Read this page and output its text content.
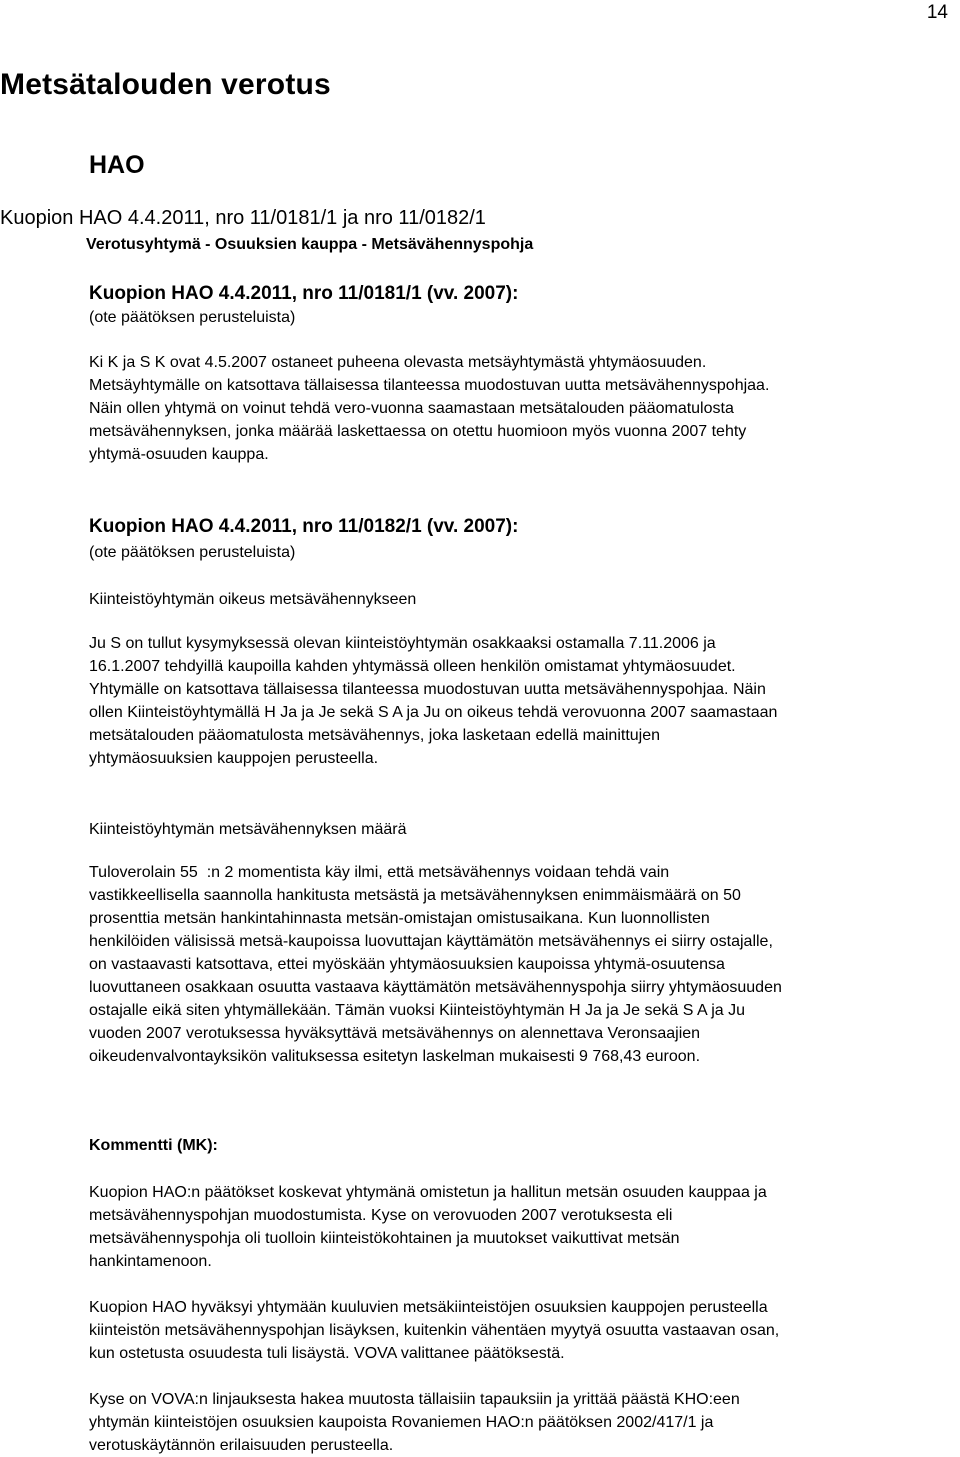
14
Metsätalouden verotus
HAO
Kuopion HAO 4.4.2011, nro 11/0181/1 ja nro 11/0182/1
Verotusyhtymä - Osuuksien kauppa - Metsävähennyspohja
Kuopion HAO 4.4.2011, nro 11/0181/1 (vv. 2007):
(ote päätöksen perusteluista)
Ki K ja S K ovat 4.5.2007 ostaneet puheena olevasta metsäyhtymästä yhtymäosuuden.
Metsäyhtymälle on katsottava tällaisessa tilanteessa muodostuvan uutta metsävähennyspohjaa.
Näin ollen yhtymä on voinut tehdä vero-vuonna saamastaan metsätalouden pääomatulosta
metsävähennyksen, jonka määrää laskettaessa on otettu huomioon myös vuonna 2007 tehty
yhtymä-osuuden kauppa.
Kuopion HAO 4.4.2011, nro 11/0182/1 (vv. 2007):
(ote päätöksen perusteluista)
Kiinteistöyhtymän oikeus metsävähennykseen
Ju S on tullut kysymyksessä olevan kiinteistöyhtymän osakkaaksi ostamalla 7.11.2006 ja
16.1.2007 tehdyillä kaupoilla kahden yhtymässä olleen henkilön omistamat yhtymäosuudet.
Yhtymälle on katsottava tällaisessa tilanteessa muodostuvan uutta metsävähennyspohjaa. Näin
ollen Kiinteistöyhtymällä H Ja ja Je sekä S A ja Ju on oikeus tehdä verovuonna 2007 saamastaan
metsätalouden pääomatulosta metsävähennys, joka lasketaan edellä mainittujen
yhtymäosuuksien kauppojen perusteella.
Kiinteistöyhtymän metsävähennyksen määrä
Tuloverolain 55  :n 2 momentista käy ilmi, että metsävähennys voidaan tehdä vain
vastikkeellisella saannolla hankitusta metsästä ja metsävähennyksen enimmäismäärä on 50
prosenttia metsän hankintahinnasta metsän-omistajan omistusaikana. Kun luonnollisten
henkilöiden välisissä metsä-kaupoissa luovuttajan käyttämätön metsävähennys ei siirry ostajalle,
on vastaavasti katsottava, ettei myöskään yhtymäosuuksien kaupoissa yhtymä-osuutensa
luovuttaneen osakkaan osuutta vastaava käyttämätön metsävähennyspohja siirry yhtymäosuuden
ostajalle eikä siten yhtymällekään. Tämän vuoksi Kiinteistöyhtymän H Ja ja Je sekä S A ja Ju
vuoden 2007 verotuksessa hyväksyttävä metsävähennys on alennettava Veronsaajien
oikeudenvalvontayksikön valituksessa esitetyn laskelman mukaisesti 9 768,43 euroon.
Kommentti (MK):
Kuopion HAO:n päätökset koskevat yhtymänä omistetun ja hallitun metsän osuuden kauppaa ja
metsävähennyspohjan muodostumista. Kyse on verovuoden 2007 verotuksesta eli
metsävähennyspohja oli tuolloin kiinteistökohtainen ja muutokset vaikuttivat metsän
hankintamenoon.
Kuopion HAO hyväksyi yhtymään kuuluvien metsäkiinteistöjen osuuksien kauppojen perusteella
kiinteistön metsävähennyspohjan lisäyksen, kuitenkin vähentäen myytyä osuutta vastaavan osan,
kun ostetusta osuudesta tuli lisäystä. VOVA valittanee päätöksestä.
Kyse on VOVA:n linjauksesta hakea muutosta tällaisiin tapauksiin ja yrittää päästä KHO:een
yhtymän kiinteistöjen osuuksien kaupoista Rovaniemen HAO:n päätöksen 2002/417/1 ja
verotuskäytännön erilaisuuden perusteella.
